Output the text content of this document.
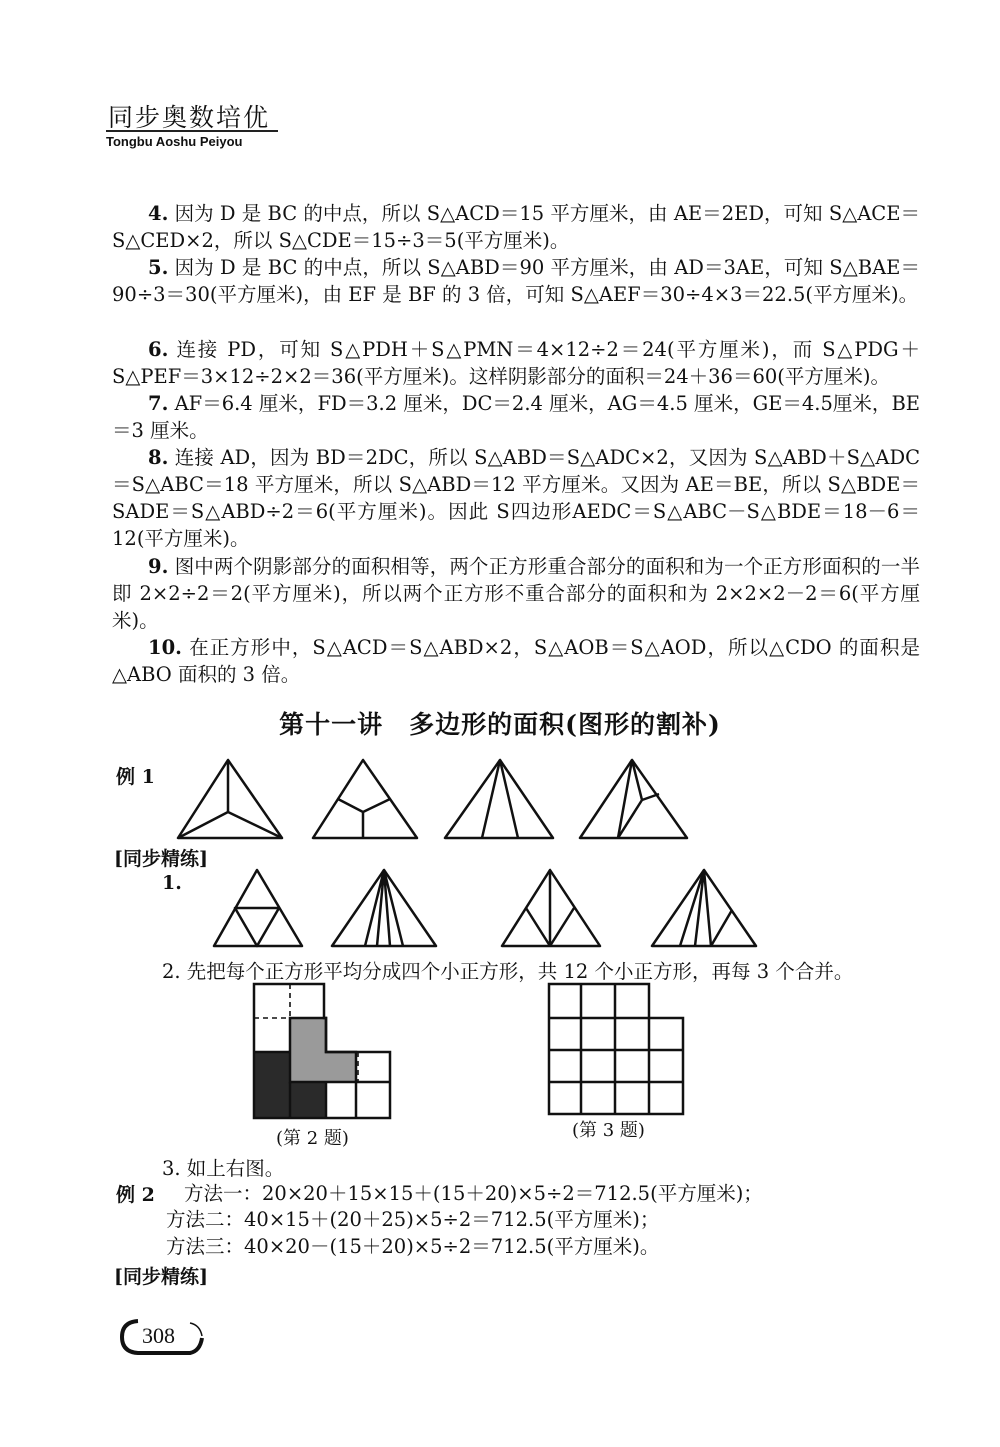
同步奥数培优
Tongbu Aoshu Peiyou

4. 因为 D 是 BC 的中点，所以 S△ACD＝15 平方厘米，由 AE＝2ED，可知 S△ACE＝S△CED×2，所以 S△CDE＝15÷3＝5(平方厘米)。

5. 因为 D 是 BC 的中点，所以 S△ABD＝90 平方厘米，由 AD＝3AE，可知 S△BAE＝90÷3＝30(平方厘米)，由 EF 是 BF 的 3 倍，可知 S△AEF＝30÷4×3＝22.5(平方厘米)。

6. 连接 PD，可知 S△PDH＋S△PMN＝4×12÷2＝24(平方厘米)，而 S△PDG＋S△PEF＝3×12÷2×2＝36(平方厘米)。这样阴影部分的面积＝24＋36＝60(平方厘米)。

7. AF＝6.4 厘米，FD＝3.2 厘米，DC＝2.4 厘米，AG＝4.5 厘米，GE＝4.5厘米，BE＝3 厘米。

8. 连接 AD，因为 BD＝2DC，所以 S△ABD＝S△ADC×2，又因为 S△ABD＋S△ADC＝S△ABC＝18 平方厘米，所以 S△ABD＝12 平方厘米。又因为 AE＝BE，所以 S△BDE＝SADE＝S△ABD÷2＝6(平方厘米)。因此 S四边形AEDC＝S△ABC－S△BDE＝18－6＝12(平方厘米)。

9. 图中两个阴影部分的面积相等，两个正方形重合部分的面积和为一个正方形面积的一半即 2×2÷2＝2(平方厘米)，所以两个正方形不重合部分的面积和为 2×2×2－2＝6(平方厘米)。

10. 在正方形中，S△ACD＝S△ABD×2，S△AOB＝S△AOD，所以△CDO 的面积是△ABO 面积的 3 倍。

第十一讲　多边形的面积(图形的割补)
例 1
[同步精练]
1.
2. 先把每个正方形平均分成四个小正方形，共 12 个小正方形，再每 3 个合并。
(第 2 题)	(第 3 题)
3. 如上右图。
例 2 方法一：20×20＋15×15＋(15＋20)×5÷2＝712.5(平方厘米)；
方法二：40×15＋(20＋25)×5÷2＝712.5(平方厘米)；
方法三：40×20－(15＋20)×5÷2＝712.5(平方厘米)。
[同步精练]
308
